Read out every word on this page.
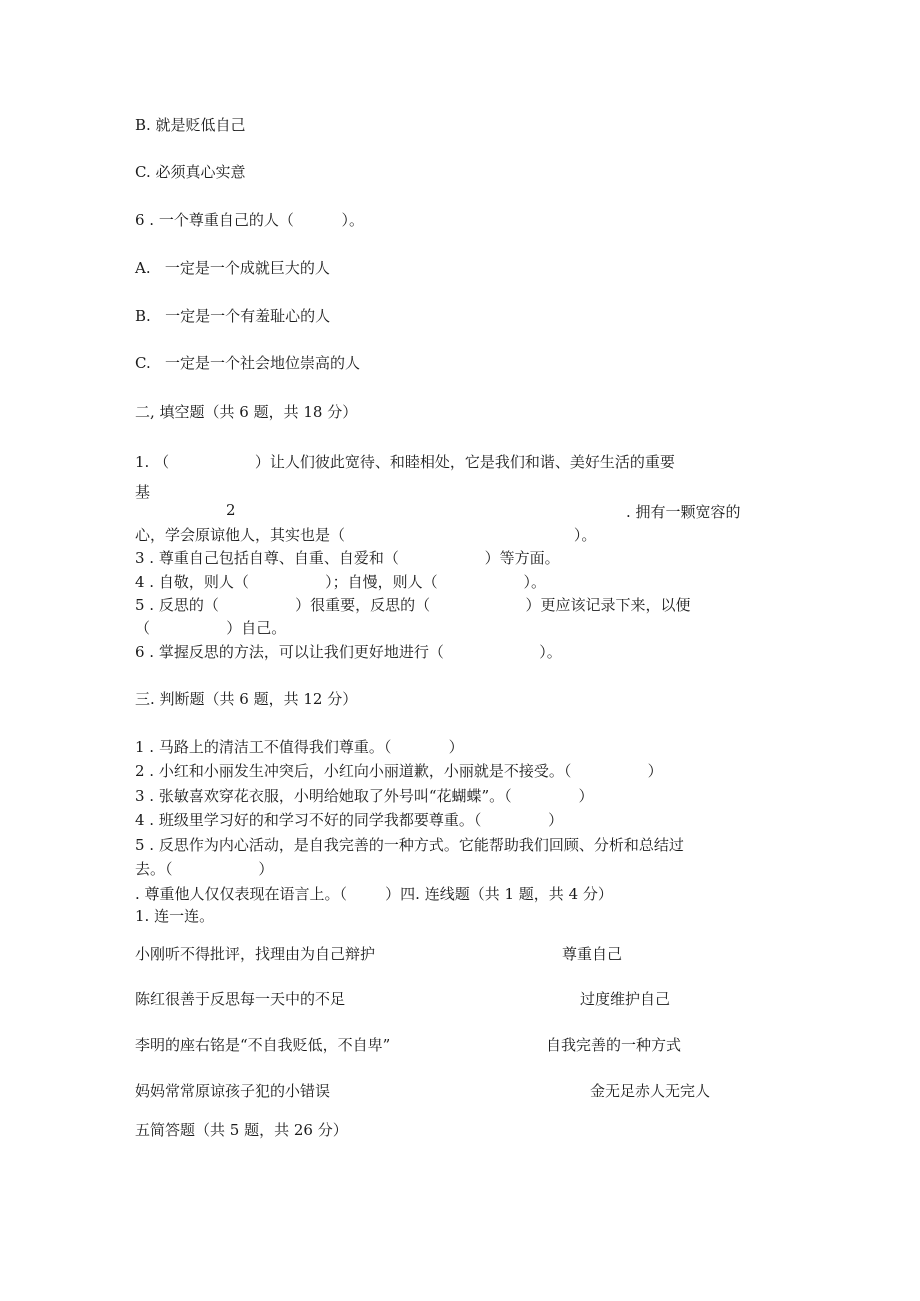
B. 就是贬低自己
C. 必须真心实意
6 . 一个尊重自己的人（          ）。
A.   一定是一个成就巨大的人
B.   一定是一个有羞耻心的人
C.   一定是一个社会地位崇高的人
二, 填空题（共 6 题，共 18 分）
1. （                  ）让人们彼此宽待、和睦相处，它是我们和谐、美好生活的重要
基
2	. 拥有一颗宽容的
心，学会原谅他人，其实也是（                                                ）。
3 . 尊重自己包括自尊、自重、自爱和（                  ）等方面。
4 . 自敬，则人（                ）；自慢，则人（                  ）。
5 . 反思的（                ）很重要，反思的（                    ）更应该记录下来，以便
（                ）自己。
6 . 掌握反思的方法，可以让我们更好地进行（                    ）。
三. 判断题（共 6 题，共 12 分）
1 . 马路上的清洁工不值得我们尊重。（            ）
2 . 小红和小丽发生冲突后，小红向小丽道歉，小丽就是不接受。（                ）
3 . 张敏喜欢穿花衣服，小明给她取了外号叫“花蝴蝶”。（              ）
4 . 班级里学习好的和学习不好的同学我都要尊重。（              ）
5 . 反思作为内心活动，是自我完善的一种方式。它能帮助我们回顾、分析和总结过
去。（                  ）
. 尊重他人仅仅表现在语言上。（        ）四. 连线题（共 1 题，共 4 分）
1. 连一连。
小刚听不得批评，找理由为自己辩护	尊重自己
陈红很善于反思每一天中的不足	过度维护自己
李明的座右铭是“不自我贬低，不自卑”	自我完善的一种方式
妈妈常常原谅孩子犯的小错误	金无足赤人无完人
五简答题（共 5 题，共 26 分）
